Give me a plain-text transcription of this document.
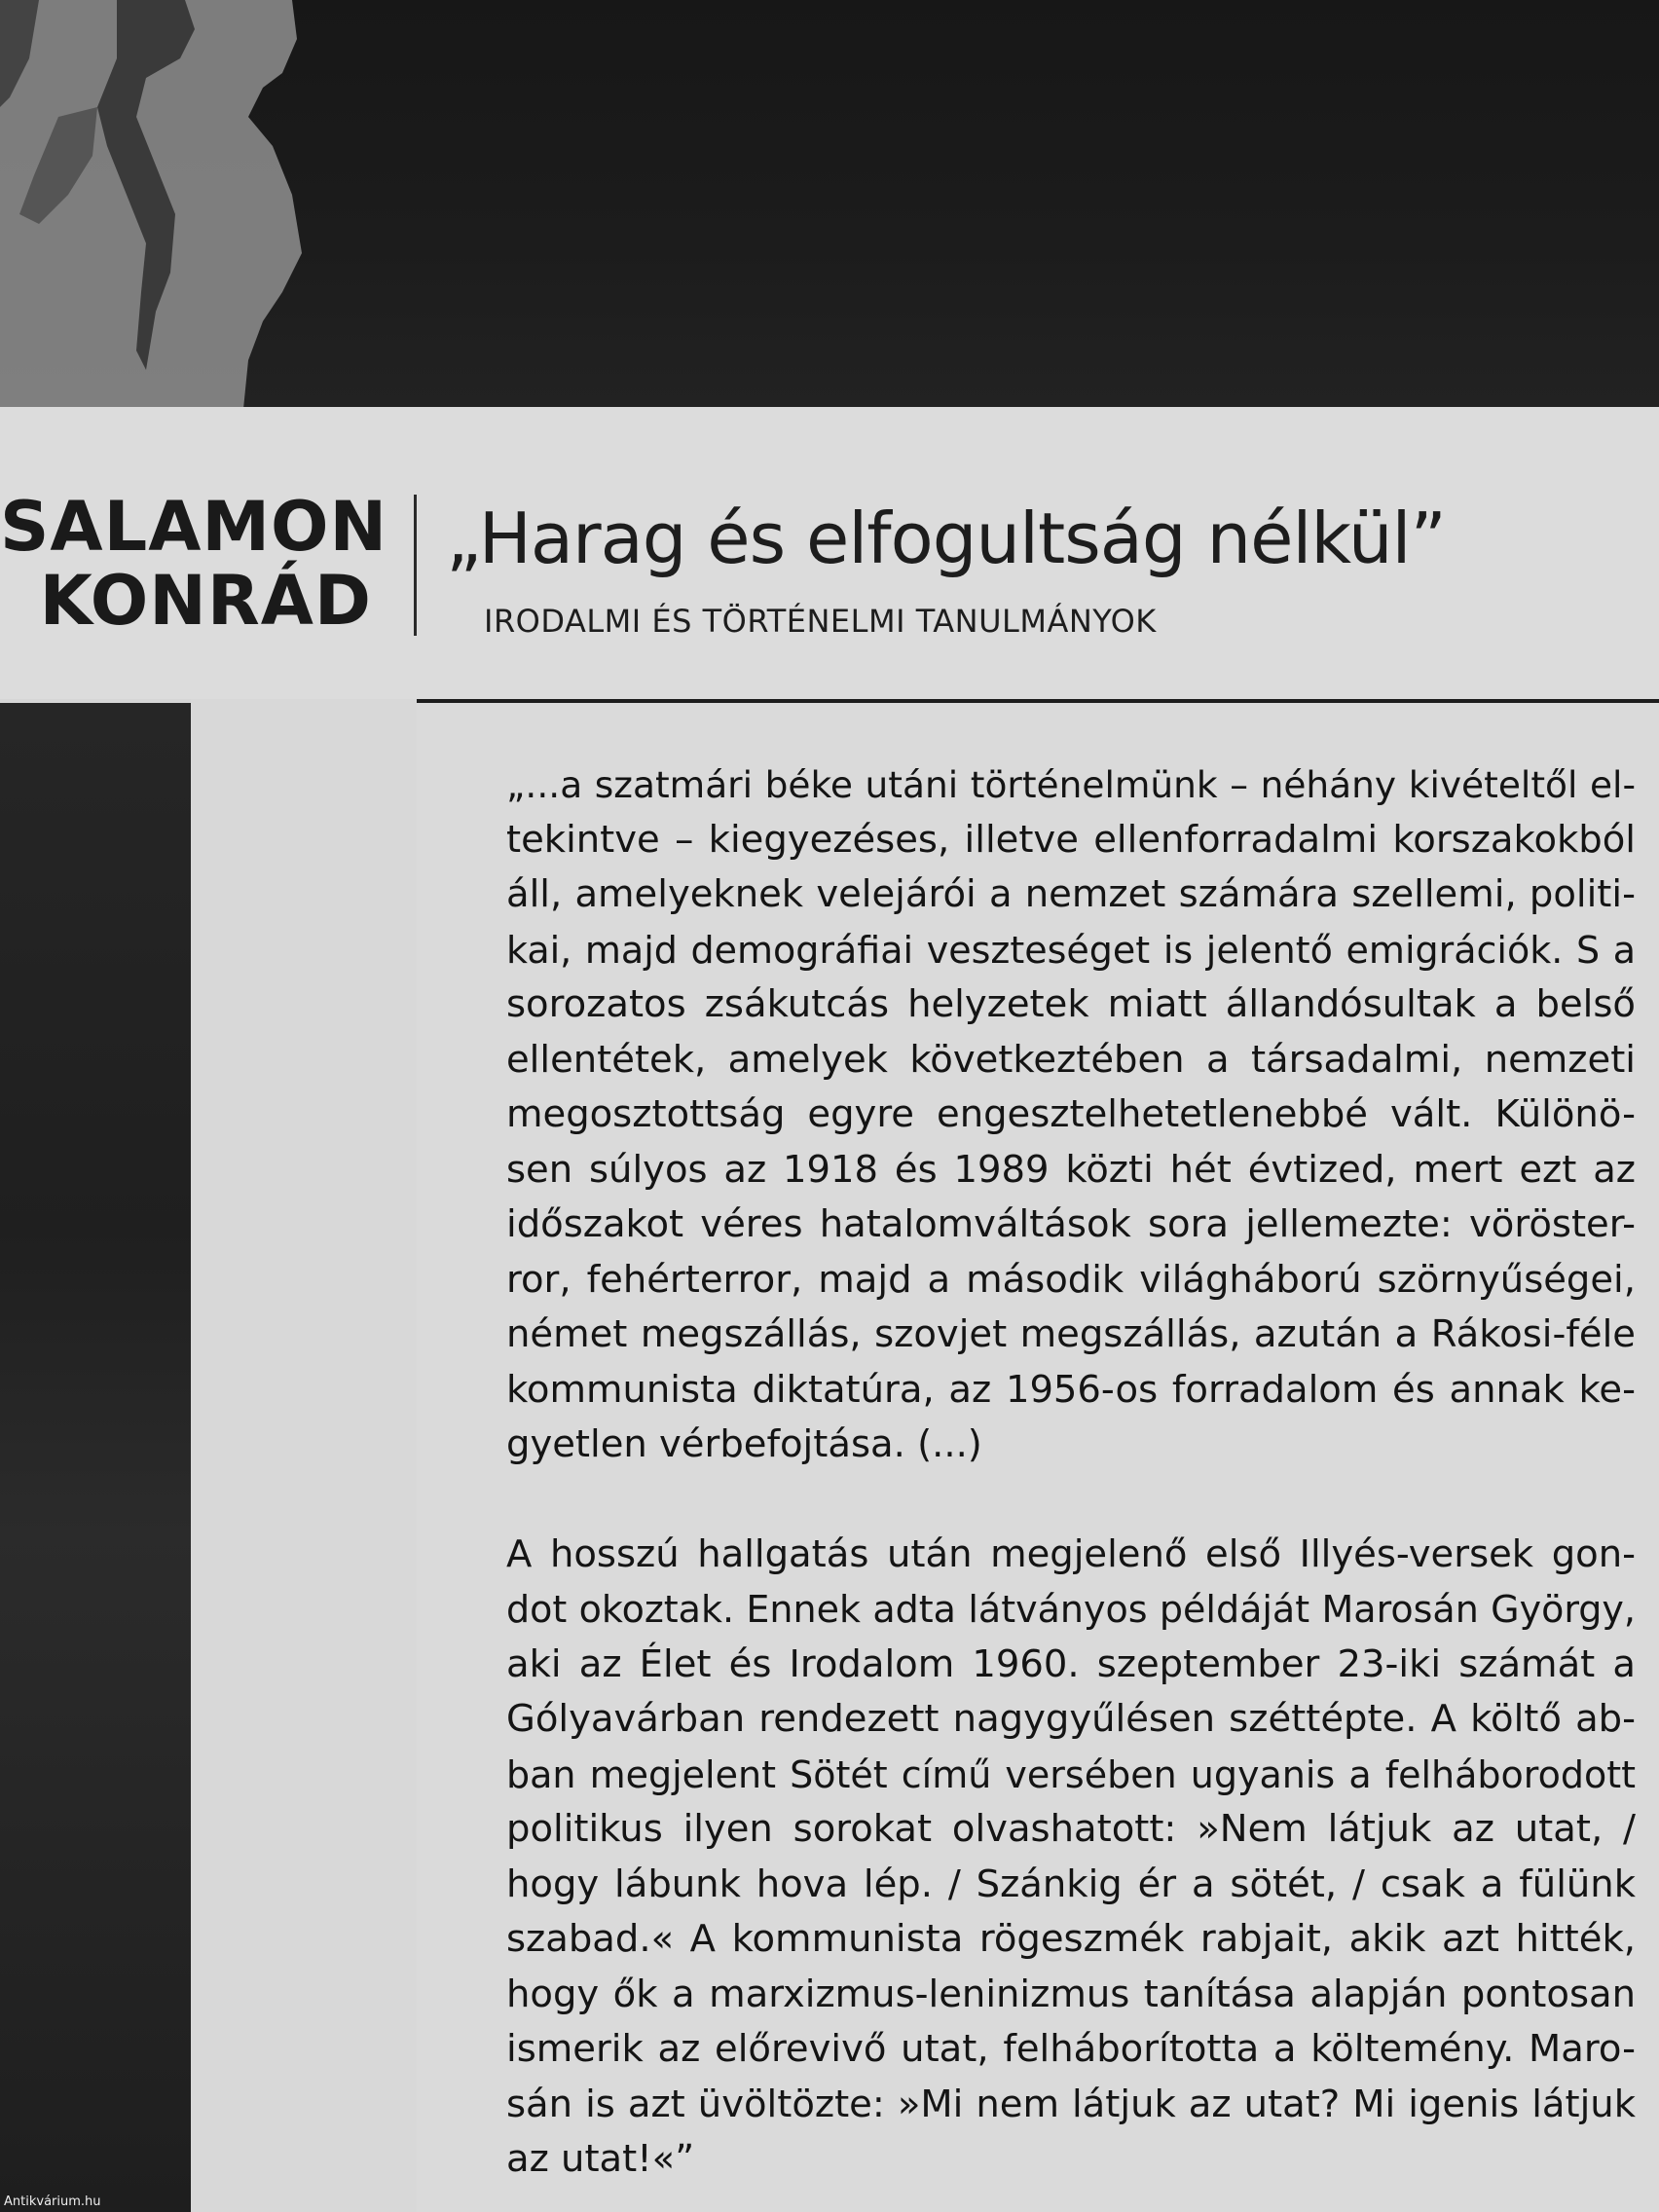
SALAMON
KONRÁD
„Harag és elfogultság nélkül”
IRODALMI ÉS TÖRTÉNELMI TANULMÁNYOK
„...a szatmári béke utáni történelmünk – néhány kivételtől el-
tekintve – kiegyezéses, illetve ellenforradalmi korszakokból
áll, amelyeknek velejárói a nemzet számára szellemi, politi-
kai, majd demográfiai veszteséget is jelentő emigrációk. S a
sorozatos zsákutcás helyzetek miatt állandósultak a belső
ellentétek, amelyek következtében a társadalmi, nemzeti
megosztottság egyre engesztelhetetlenebbé vált. Különö-
sen súlyos az 1918 és 1989 közti hét évtized, mert ezt az
időszakot véres hatalomváltások sora jellemezte: vöröster-
ror, fehérterror, majd a második világháború szörnyűségei,
német megszállás, szovjet megszállás, azután a Rákosi-féle
kommunista diktatúra, az 1956-os forradalom és annak ke-
gyetlen vérbefojtása. (...)
A hosszú hallgatás után megjelenő első Illyés-versek gon-
dot okoztak. Ennek adta látványos példáját Marosán György,
aki az Élet és Irodalom 1960. szeptember 23-iki számát a
Gólyavárban rendezett nagygyűlésen széttépte. A költő ab-
ban megjelent Sötét című versében ugyanis a felháborodott
politikus ilyen sorokat olvashatott: »Nem látjuk az utat, /
hogy lábunk hova lép. / Szánkig ér a sötét, / csak a fülünk
szabad.« A kommunista rögeszmék rabjait, akik azt hitték,
hogy ők a marxizmus-leninizmus tanítása alapján pontosan
ismerik az előrevivő utat, felháborította a költemény. Maro-
sán is azt üvöltözte: »Mi nem látjuk az utat? Mi igenis látjuk
az utat!«”
Antikvárium.hu
